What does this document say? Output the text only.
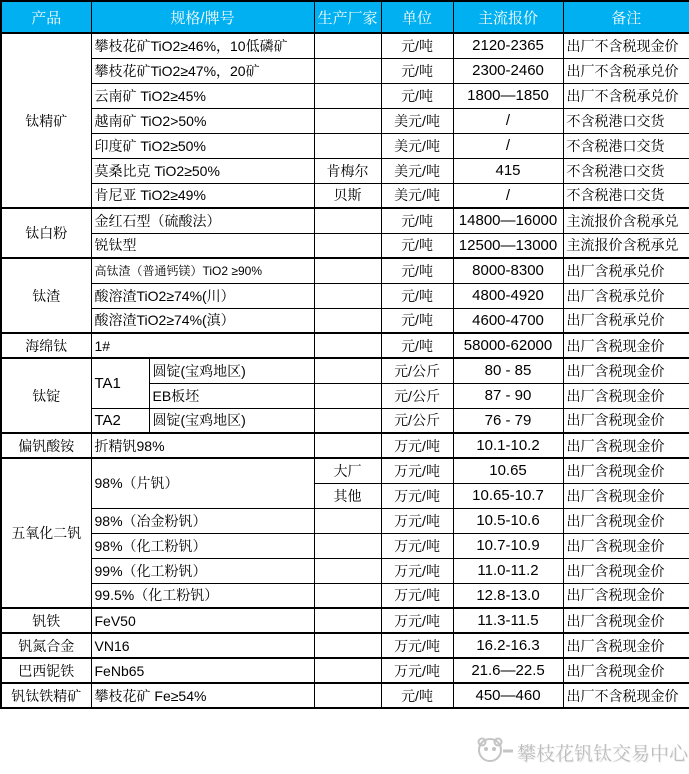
产品	规格/牌号		生产厂家	单位	主流报价	备注
钛精矿	攀枝花矿TiO2≥46%，10低磷矿			元/吨	2120-2365	出厂不含税现金价
	攀枝花矿TiO2≥47%，20矿			元/吨	2300-2460	出厂不含税承兑价
	云南矿 TiO2≥45%			元/吨	1800—1850	出厂不含税承兑价
	越南矿 TiO2>50%			美元/吨	/	不含税港口交货
	印度矿 TiO2≥50%			美元/吨	/	不含税港口交货
	莫桑比克 TiO2≥50%		肯梅尔	美元/吨	415	不含税港口交货
	肯尼亚 TiO2≥49%		贝斯	美元/吨	/	不含税港口交货
钛白粉	金红石型（硫酸法）			元/吨	14800—16000	主流报价含税承兑
	锐钛型			元/吨	12500—13000	主流报价含税承兑
钛渣	高钛渣（普通钙镁）TiO2 ≥90%			元/吨	8000-8300	出厂含税承兑价
	酸溶渣TiO2≥74%(川）			元/吨	4800-4920	出厂含税承兑价
	酸溶渣TiO2≥74%(滇）			元/吨	4600-4700	出厂含税承兑价
海绵钛	1#			元/吨	58000-62000	出厂含税现金价
钛锭	TA1	圆锭(宝鸡地区)		元/公斤	80 - 85	出厂含税现金价
		EB板坯		元/公斤	87 - 90	出厂含税现金价
	TA2	圆锭(宝鸡地区)		元/公斤	76 - 79	出厂含税现金价
偏钒酸铵	折精钒98%			万元/吨	10.1-10.2	出厂含税现金价
五氧化二钒	98%（片钒）		大厂	万元/吨	10.65	出厂含税现金价
			其他	万元/吨	10.65-10.7	出厂含税现金价
	98%（冶金粉钒）			万元/吨	10.5-10.6	出厂含税现金价
	98%（化工粉钒）			万元/吨	10.7-10.9	出厂含税现金价
	99%（化工粉钒）			万元/吨	11.0-11.2	出厂含税现金价
	99.5%（化工粉钒）			万元/吨	12.8-13.0	出厂含税现金价
钒铁	FeV50			万元/吨	11.3-11.5	出厂含税现金价
钒氮合金	VN16			万元/吨	16.2-16.3	出厂含税现金价
巴西铌铁	FeNb65			万元/吨	21.6—22.5	出厂含税现金价
钒钛铁精矿	攀枝花矿 Fe≥54%			元/吨	450—460	出厂不含税现金价
攀枝花钒钛交易中心
